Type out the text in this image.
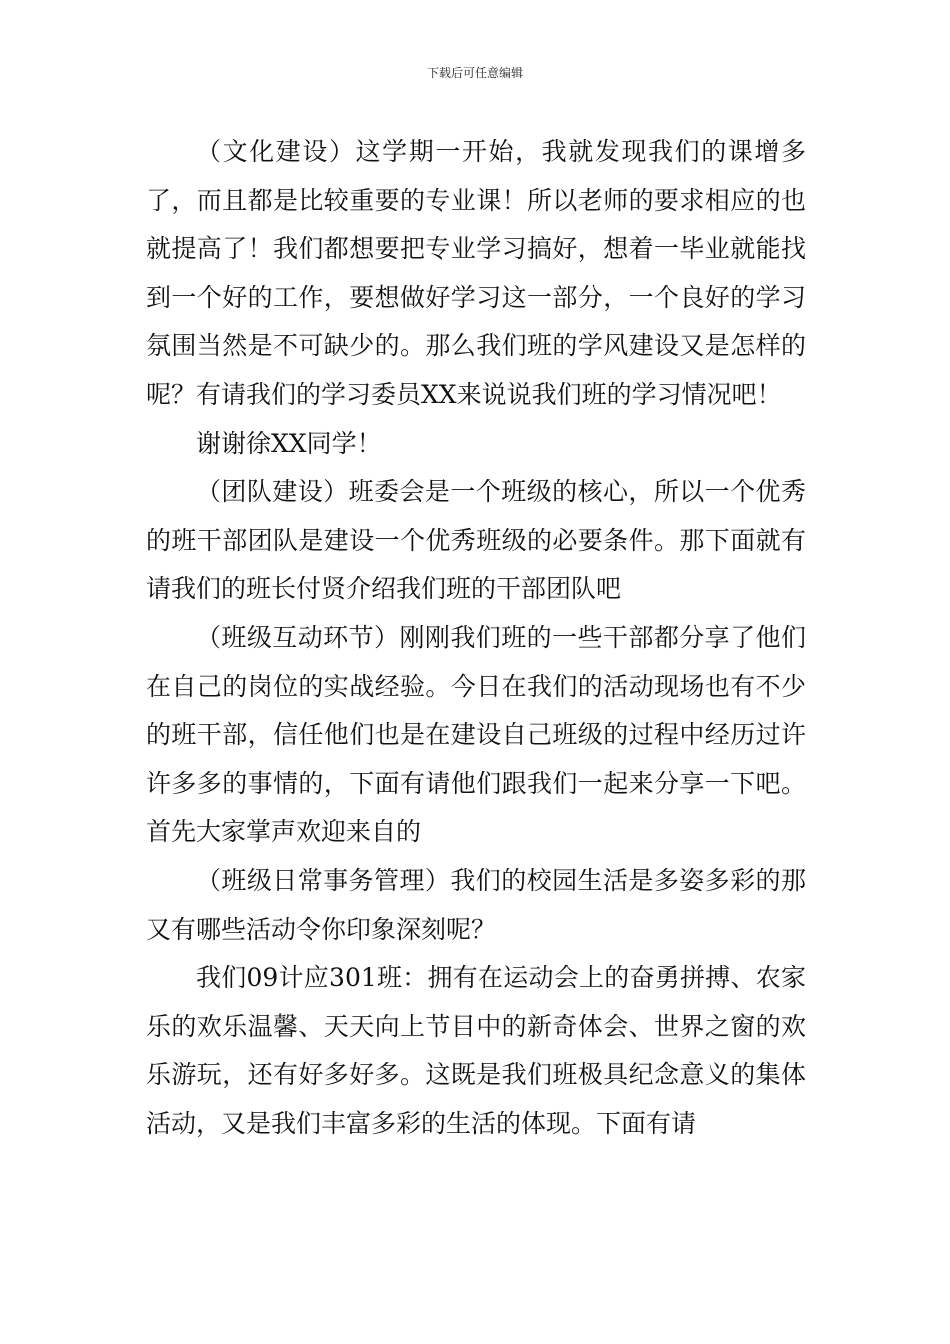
下载后可任意编辑

（文化建设）这学期一开始，我就发现我们的课增多了，而且都是比较重要的专业课！所以老师的要求相应的也就提高了！我们都想要把专业学习搞好，想着一毕业就能找到一个好的工作，要想做好学习这一部分，一个良好的学习氛围当然是不可缺少的。那么我们班的学风建设又是怎样的呢？有请我们的学习委员XX来说说我们班的学习情况吧！

谢谢徐XX同学！

（团队建设）班委会是一个班级的核心，所以一个优秀的班干部团队是建设一个优秀班级的必要条件。那下面就有请我们的班长付贤介绍我们班的干部团队吧

（班级互动环节）刚刚我们班的一些干部都分享了他们在自己的岗位的实战经验。今日在我们的活动现场也有不少的班干部，信任他们也是在建设自己班级的过程中经历过许许多多的事情的，下面有请他们跟我们一起来分享一下吧。首先大家掌声欢迎来自的

（班级日常事务管理）我们的校园生活是多姿多彩的那又有哪些活动令你印象深刻呢？

我们09计应301班：拥有在运动会上的奋勇拼搏、农家乐的欢乐温馨、天天向上节目中的新奇体会、世界之窗的欢乐游玩，还有好多好多。这既是我们班极具纪念意义的集体活动，又是我们丰富多彩的生活的体现。下面有请
